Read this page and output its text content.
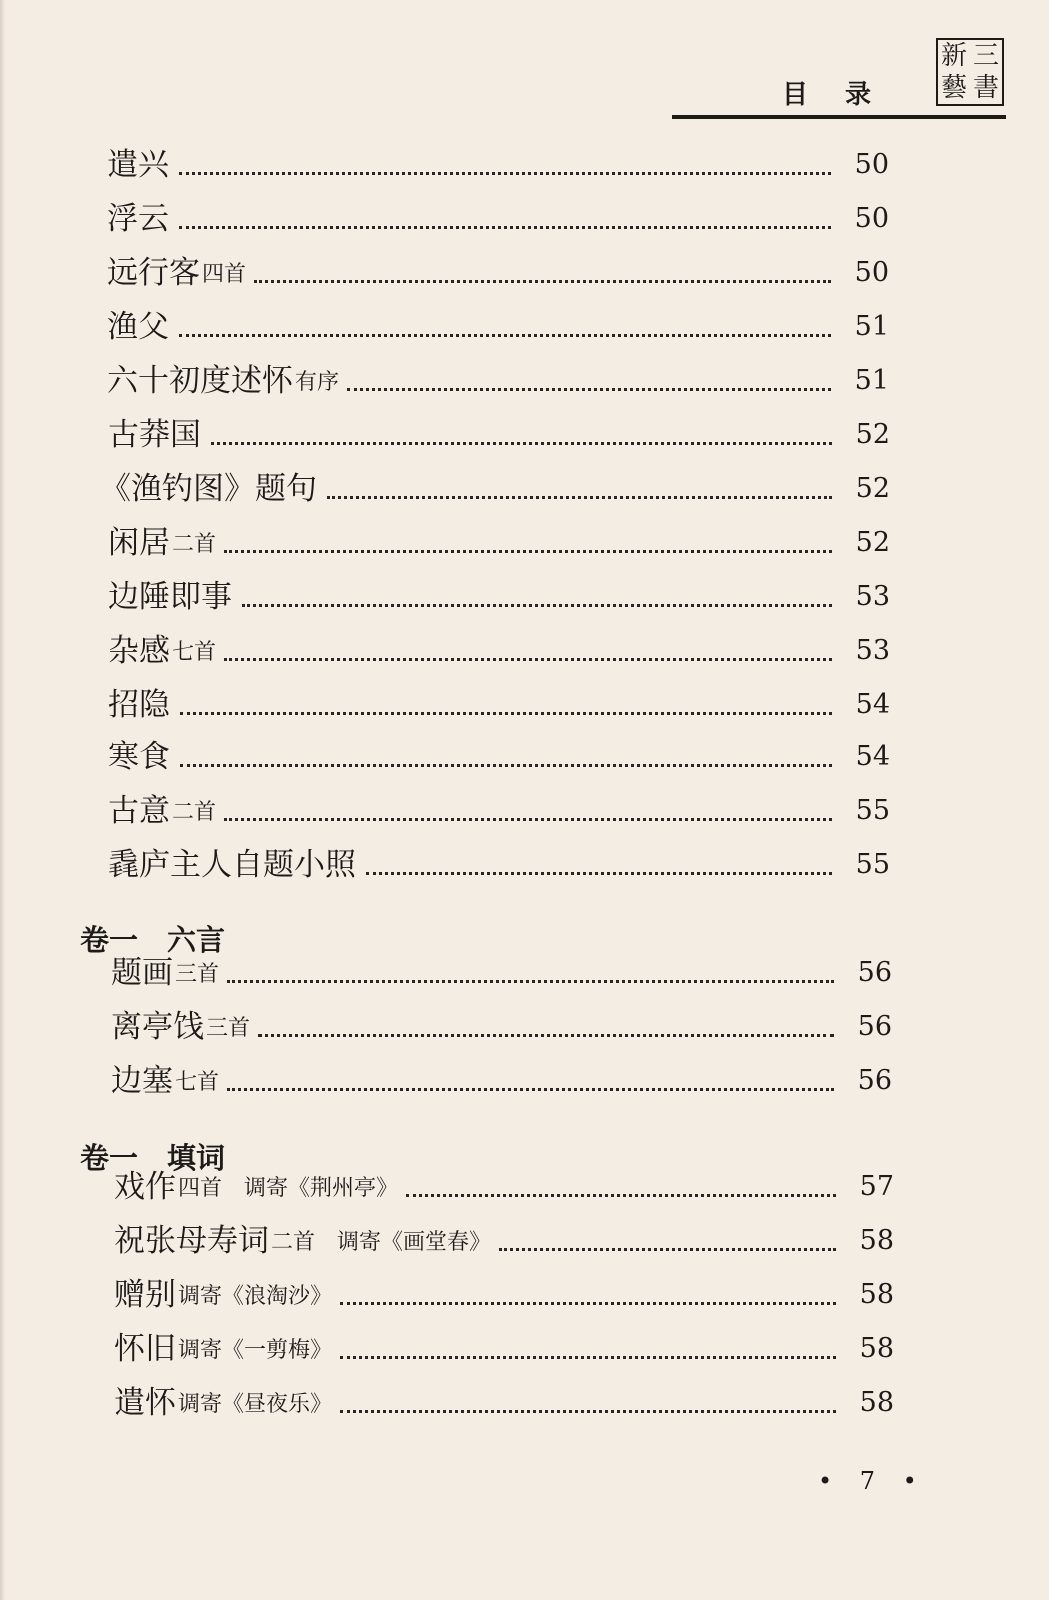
新 三
藝 書
目 录
遣兴	50
浮云	50
远行客 四首	50
渔父	51
六十初度述怀 有序	51
古莽国	52
《渔钓图》题句	52
闲居 二首	52
边陲即事	53
杂感 七首	53
招隐	54
寒食	54
古意 二首	55
毳庐主人自题小照	55
卷一　六言
题画 三首	56
离亭饯 三首	56
边塞 七首	56
卷一　填词
戏作 四首　调寄《荆州亭》	57
祝张母寿词 二首　调寄《画堂春》	58
赠别 调寄《浪淘沙》	58
怀旧 调寄《一剪梅》	58
遣怀 调寄《昼夜乐》	58
• 7 •
